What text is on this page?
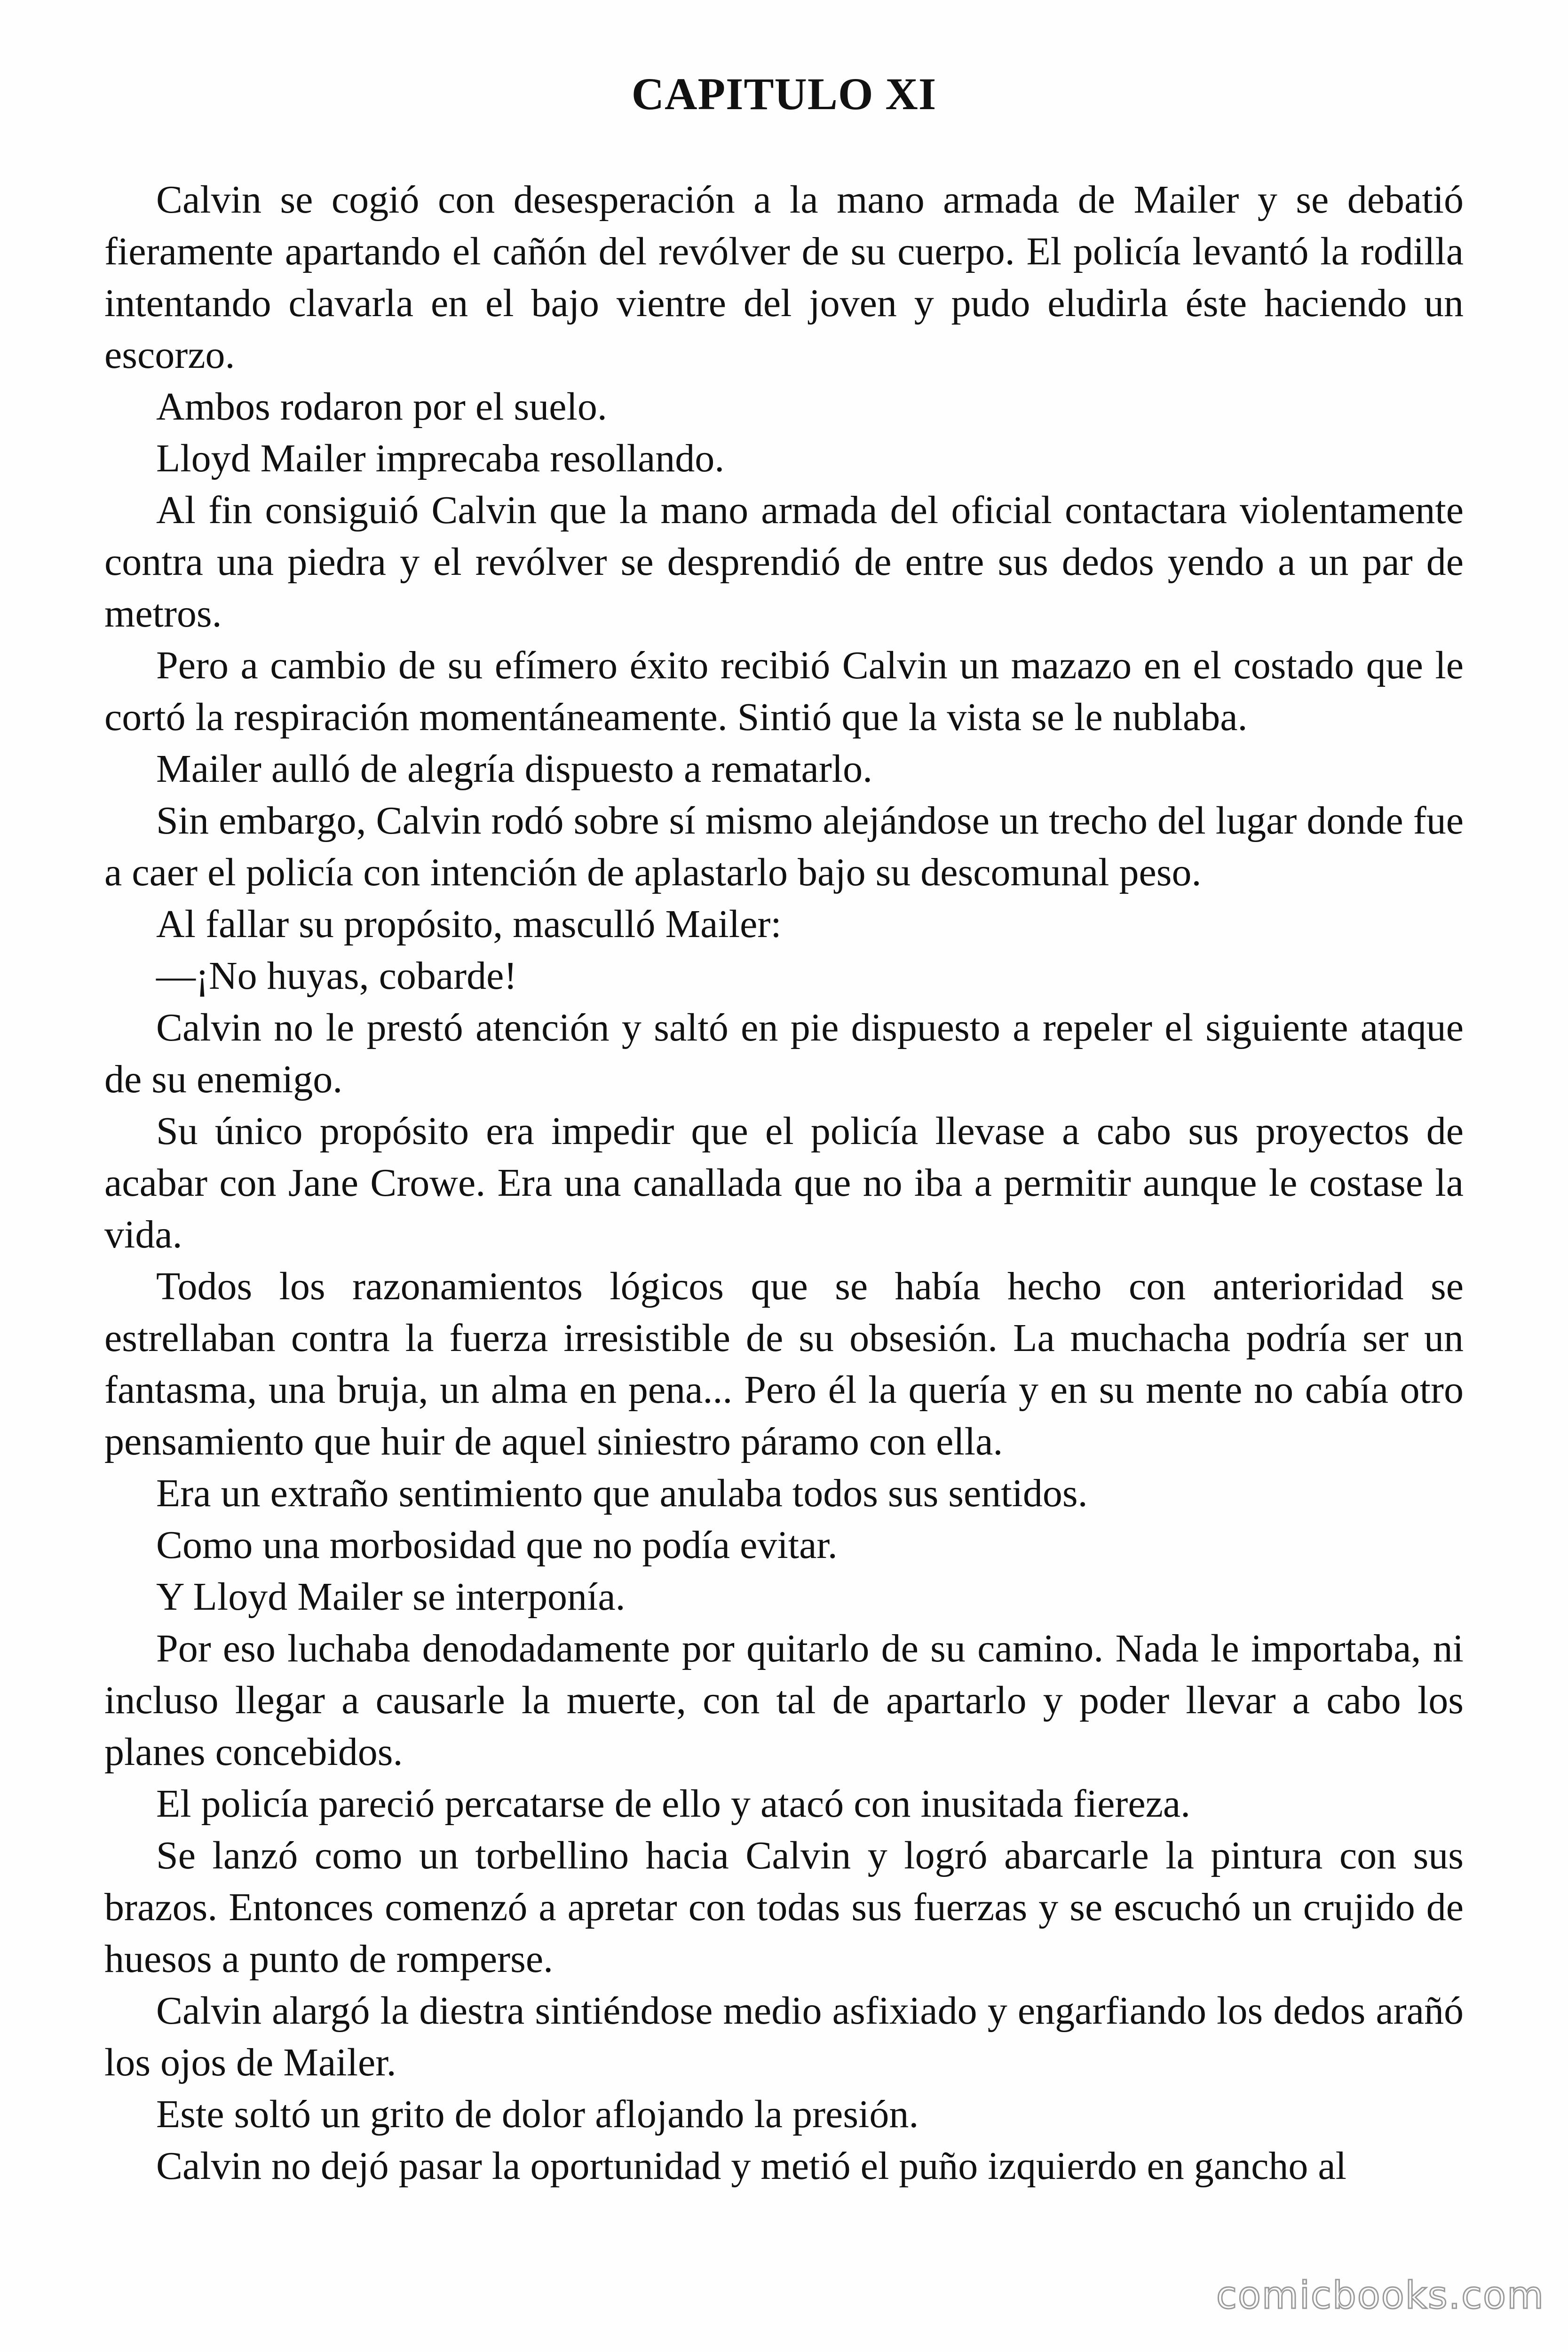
CAPITULO XI

Calvin se cogió con desesperación a la mano armada de Mailer y se debatió fieramente apartando el cañón del revólver de su cuerpo. El policía levantó la rodilla intentando clavarla en el bajo vientre del joven y pudo eludirla éste haciendo un escorzo.

Ambos rodaron por el suelo.

Lloyd Mailer imprecaba resollando.

Al fin consiguió Calvin que la mano armada del oficial contactara violentamente contra una piedra y el revólver se desprendió de entre sus dedos yendo a un par de metros.

Pero a cambio de su efímero éxito recibió Calvin un mazazo en el costado que le cortó la respiración momentáneamente. Sintió que la vista se le nublaba.

Mailer aulló de alegría dispuesto a rematarlo.

Sin embargo, Calvin rodó sobre sí mismo alejándose un trecho del lugar donde fue a caer el policía con intención de aplastarlo bajo su descomunal peso.

Al fallar su propósito, masculló Mailer:

—¡No huyas, cobarde!

Calvin no le prestó atención y saltó en pie dispuesto a repeler el siguiente ataque de su enemigo.

Su único propósito era impedir que el policía llevase a cabo sus proyectos de acabar con Jane Crowe. Era una canallada que no iba a permitir aunque le costase la vida.

Todos los razonamientos lógicos que se había hecho con anterioridad se estrellaban contra la fuerza irresistible de su obsesión. La muchacha podría ser un fantasma, una bruja, un alma en pena... Pero él la quería y en su mente no cabía otro pensamiento que huir de aquel siniestro páramo con ella.

Era un extraño sentimiento que anulaba todos sus sentidos.

Como una morbosidad que no podía evitar.

Y Lloyd Mailer se interponía.

Por eso luchaba denodadamente por quitarlo de su camino. Nada le importaba, ni incluso llegar a causarle la muerte, con tal de apartarlo y poder llevar a cabo los planes concebidos.

El policía pareció percatarse de ello y atacó con inusitada fiereza.

Se lanzó como un torbellino hacia Calvin y logró abarcarle la pintura con sus brazos. Entonces comenzó a apretar con todas sus fuerzas y se escuchó un crujido de huesos a punto de romperse.

Calvin alargó la diestra sintiéndose medio asfixiado y engarfiando los dedos arañó los ojos de Mailer.

Este soltó un grito de dolor aflojando la presión.

Calvin no dejó pasar la oportunidad y metió el puño izquierdo en gancho al

comicbooks.com
